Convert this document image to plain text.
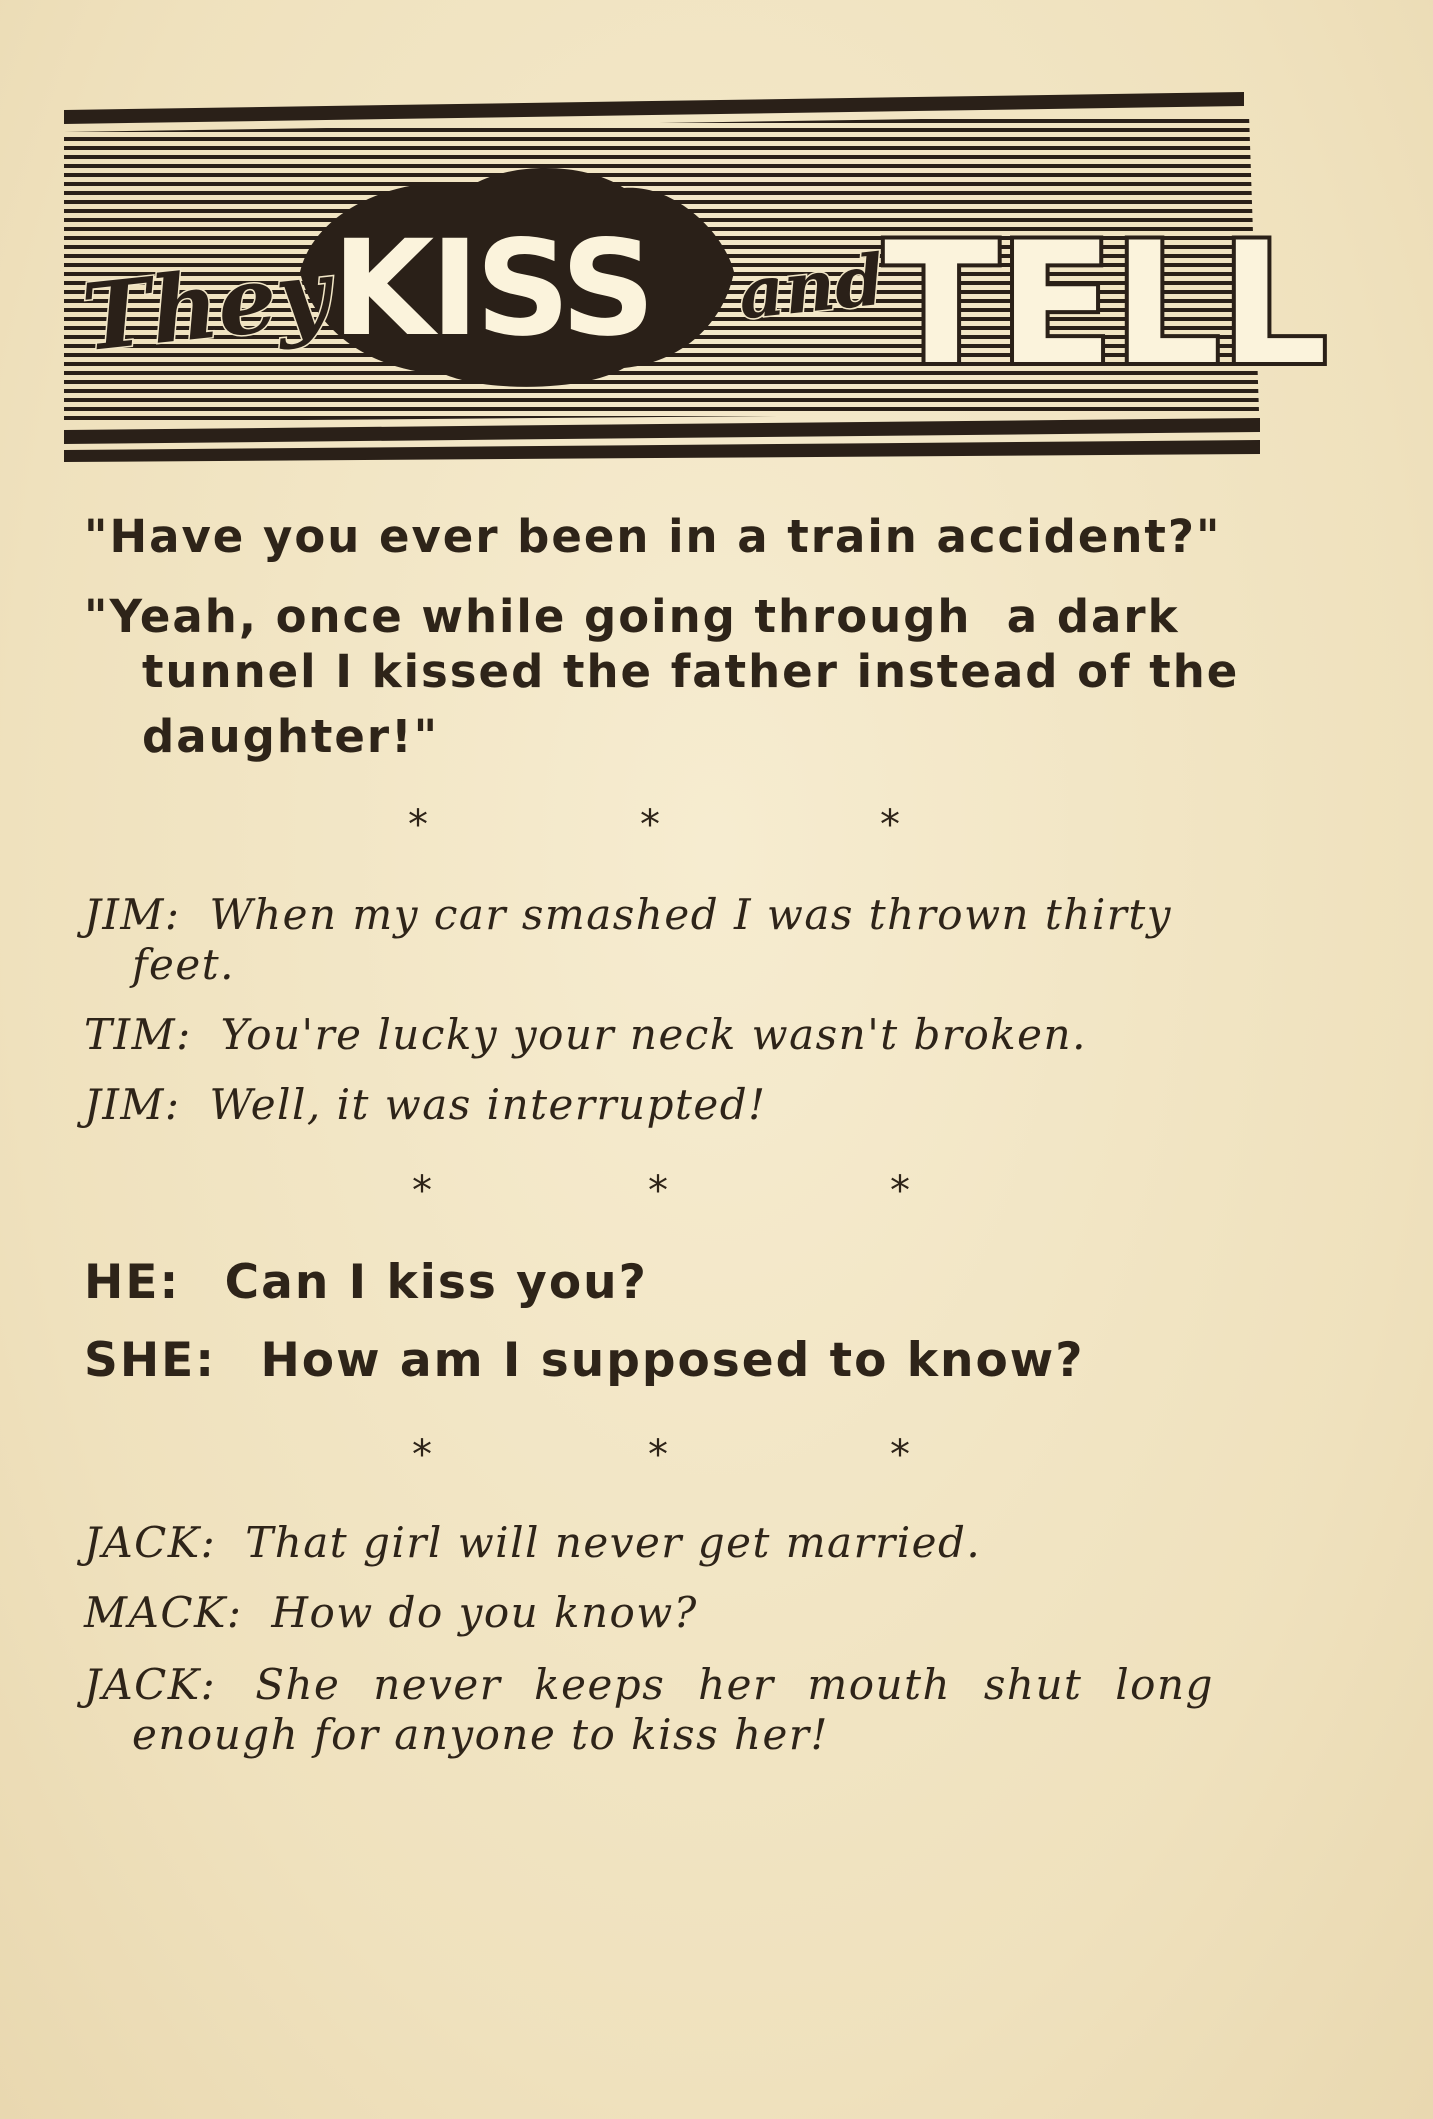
KISS
They	and
TELL
"Have you ever been in a train accident?"
"Yeah, once while going through  a dark
tunnel I kissed the father instead of the
daughter!"
*	*	*
JIM: When my car smashed I was thrown thirty
feet.
TIM: You're lucky your neck wasn't broken.
JIM: Well, it was interrupted!
*	*	*
HE: Can I kiss you?
SHE: How am I supposed to know?
*	*	*
JACK: That girl will never get married.
MACK: How do you know?
JACK: She never keeps her mouth shut long
enough for anyone to kiss her!
